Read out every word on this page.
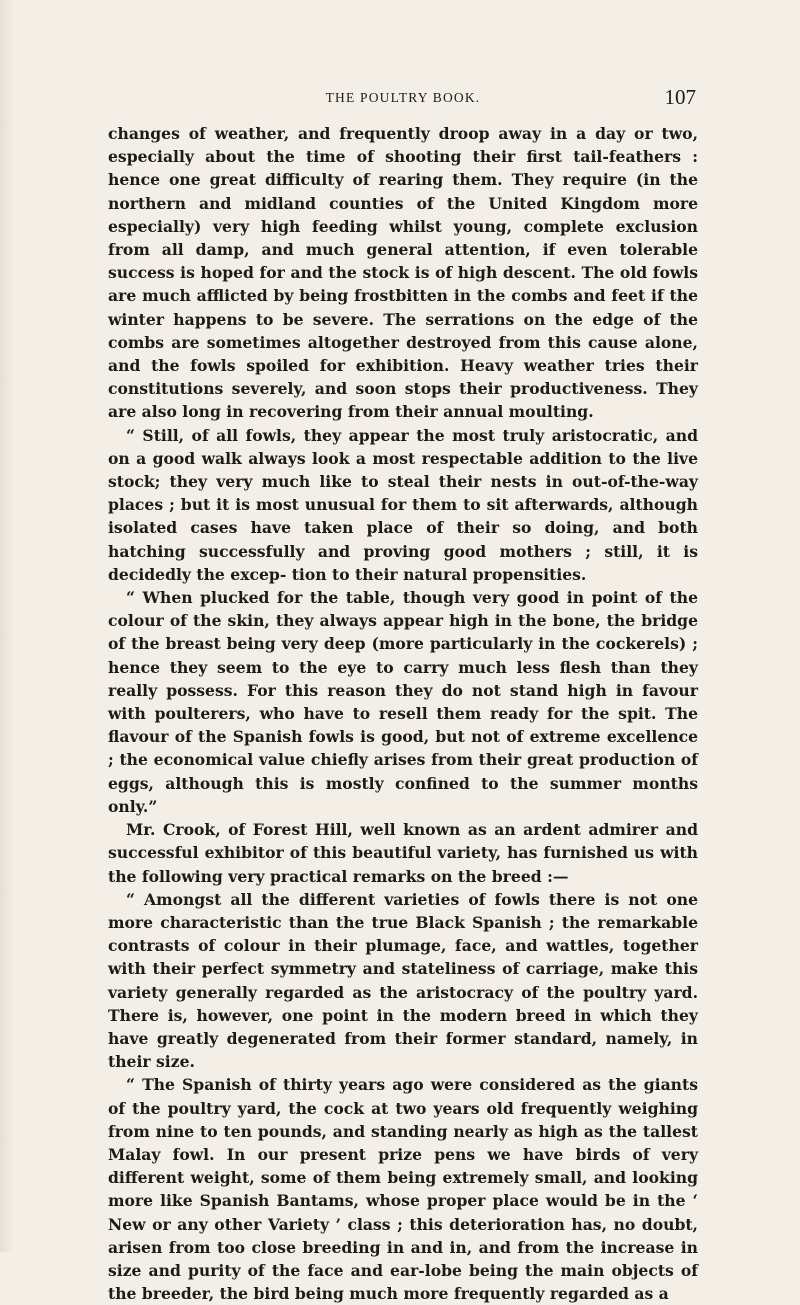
THE POULTRY BOOK.	107

changes of weather, and frequently droop away in a day or two, especially about the time of shooting their first tail-feathers : hence one great difficulty of rearing them. They require (in the northern and midland counties of the United Kingdom more especially) very high feeding whilst young, complete exclusion from all damp, and much general attention, if even tolerable success is hoped for and the stock is of high descent. The old fowls are much afflicted by being frostbitten in the combs and feet if the winter happens to be severe. The serrations on the edge of the combs are sometimes altogether destroyed from this cause alone, and the fowls spoiled for exhibition. Heavy weather tries their constitutions severely, and soon stops their productiveness. They are also long in recovering from their annual moulting.

“ Still, of all fowls, they appear the most truly aristocratic, and on a good walk always look a most respectable addition to the live stock; they very much like to steal their nests in out-of-the-way places ; but it is most unusual for them to sit afterwards, although isolated cases have taken place of their so doing, and both hatching successfully and proving good mothers ; still, it is decidedly the excep- tion to their natural propensities.

“ When plucked for the table, though very good in point of the colour of the skin, they always appear high in the bone, the bridge of the breast being very deep (more particularly in the cockerels) ; hence they seem to the eye to carry much less flesh than they really possess. For this reason they do not stand high in favour with poulterers, who have to resell them ready for the spit. The flavour of the Spanish fowls is good, but not of extreme excellence ; the economical value chiefly arises from their great production of eggs, although this is mostly confined to the summer months only.”

Mr. Crook, of Forest Hill, well known as an ardent admirer and successful exhibitor of this beautiful variety, has furnished us with the following very practical remarks on the breed :—

“ Amongst all the different varieties of fowls there is not one more characteristic than the true Black Spanish ; the remarkable contrasts of colour in their plumage, face, and wattles, together with their perfect symmetry and stateliness of carriage, make this variety generally regarded as the aristocracy of the poultry yard. There is, however, one point in the modern breed in which they have greatly degenerated from their former standard, namely, in their size.

“ The Spanish of thirty years ago were considered as the giants of the poultry yard, the cock at two years old frequently weighing from nine to ten pounds, and standing nearly as high as the tallest Malay fowl. In our present prize pens we have birds of very different weight, some of them being extremely small, and looking more like Spanish Bantams, whose proper place would be in the ‘ New or any other Variety ’ class ; this deterioration has, no doubt, arisen from too close breeding in and in, and from the increase in size and purity of the face and ear-lobe being the main objects of the breeder, the bird being much more frequently regarded as a
